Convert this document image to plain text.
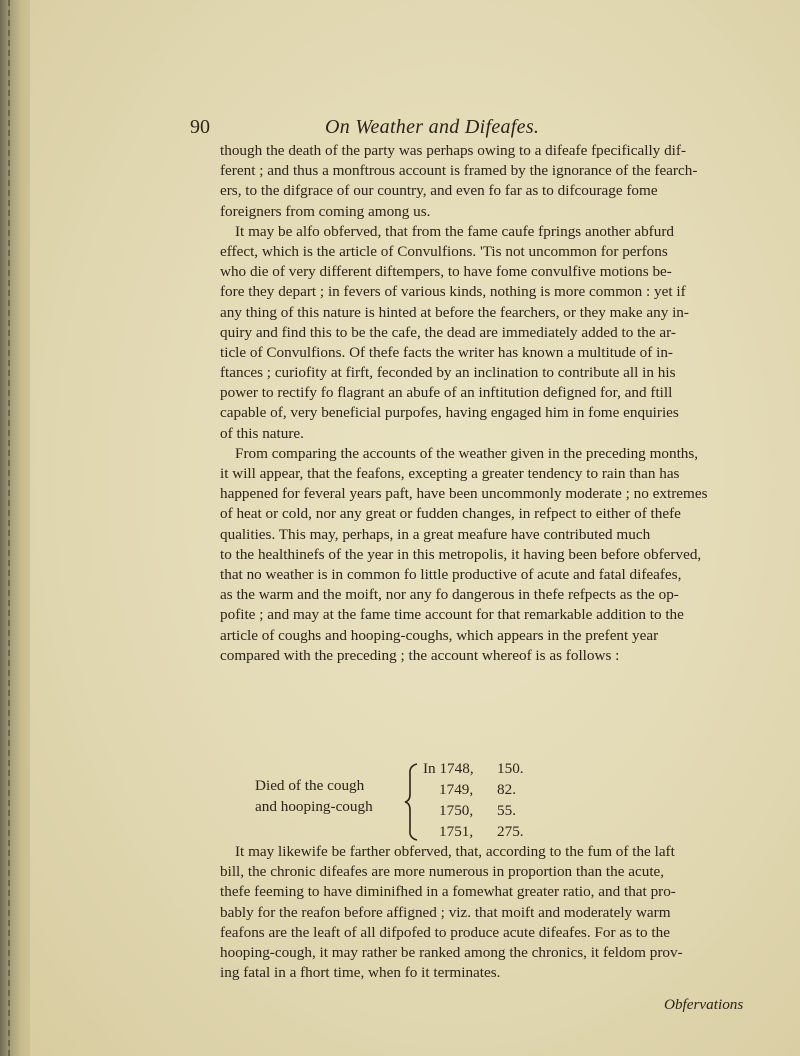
90	On Weather and Difeafes.
though the death of the party was perhaps owing to a difeafe fpecifically dif-
ferent ; and thus a monftrous account is framed by the ignorance of the fearch-
ers, to the difgrace of our country, and even fo far as to difcourage fome
foreigners from coming among us.
It may be alfo obferved, that from the fame caufe fprings another abfurd
effect, which is the article of Convulfions. 'Tis not uncommon for perfons
who die of very different diftempers, to have fome convulfive motions be-
fore they depart ; in fevers of various kinds, nothing is more common : yet if
any thing of this nature is hinted at before the fearchers, or they make any in-
quiry and find this to be the cafe, the dead are immediately added to the ar-
ticle of Convulfions. Of thefe facts the writer has known a multitude of in-
ftances ; curiofity at firft, feconded by an inclination to contribute all in his
power to rectify fo flagrant an abufe of an inftitution defigned for, and ftill
capable of, very beneficial purpofes, having engaged him in fome enquiries
of this nature.
From comparing the accounts of the weather given in the preceding months,
it will appear, that the feafons, excepting a greater tendency to rain than has
happened for feveral years paft, have been uncommonly moderate ; no extremes
of heat or cold, nor any great or fudden changes, in refpect to either of thefe
qualities. This may, perhaps, in a great meafure have contributed much
to the healthinefs of the year in this metropolis, it having been before obferved,
that no weather is in common fo little productive of acute and fatal difeafes,
as the warm and the moift, nor any fo dangerous in thefe refpects as the op-
pofite ; and may at the fame time account for that remarkable addition to the
article of coughs and hooping-coughs, which appears in the prefent year
compared with the preceding ; the account whereof is as follows :
Died of the cough
and hooping-cough
In 1748, 150.
1749, 82.
1750, 55.
1751, 275.
It may likewife be farther obferved, that, according to the fum of the laft
bill, the chronic difeafes are more numerous in proportion than the acute,
thefe feeming to have diminifhed in a fomewhat greater ratio, and that pro-
bably for the reafon before affigned ; viz. that moift and moderately warm
feafons are the leaft of all difpofed to produce acute difeafes. For as to the
hooping-cough, it may rather be ranked among the chronics, it feldom prov-
ing fatal in a fhort time, when fo it terminates.
Obfervations
